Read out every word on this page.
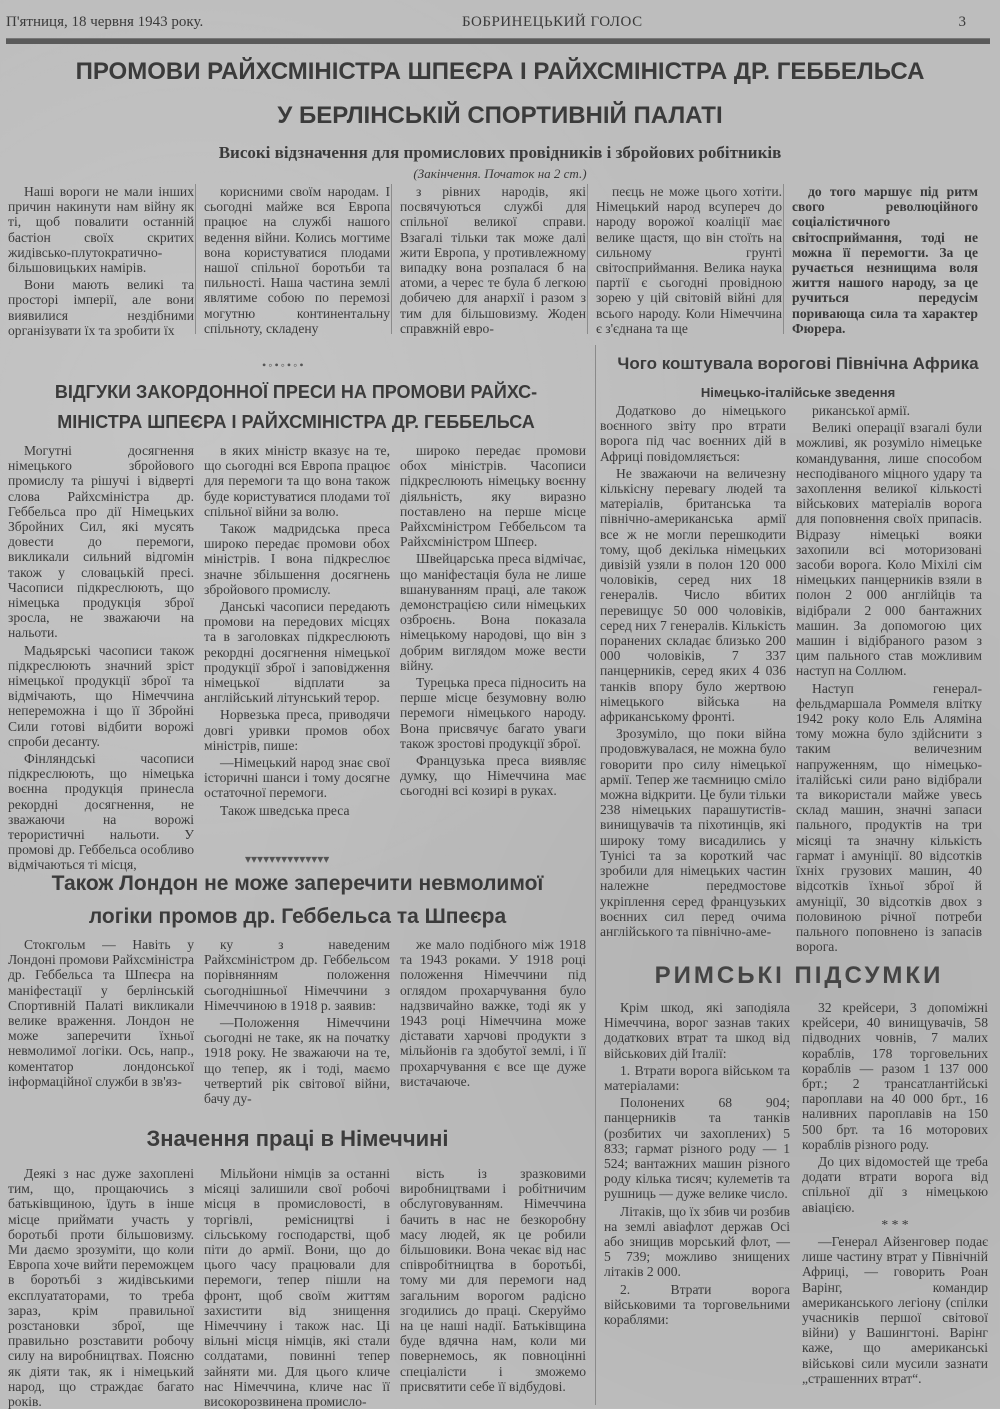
П'ятниця, 18 червня 1943 року.	БОБРИНЕЦЬКИЙ ГОЛОС	3
ПРОМОВИ РАЙХСМІНІСТРА ШПЕЄРА І РАЙХСМІНІСТРА ДР. ГЕББЕЛЬСА
У БЕРЛІНСЬКІЙ СПОРТИВНІЙ ПАЛАТІ
Високі відзначення для промислових провідників і збройових робітників
(Закінчення. Початок на 2 ст.)

Наші вороги не мали інших причин накинути нам війну як ті, щоб повалити останній бастіон своїх скритих жидівсько-плутократично-більшовицьких намірів.

Вони мають великі та просторі імперії, але вони виявилися нездібними організувати їх та зробити їх

корисними своїм народам. І сьогодні майже вся Европа працює на службі нашого ведення війни. Колись могтиме вона користуватися плодами нашої спільної боротьби та пильності. Наша частина землі являтиме собою по перемозі могутню континентальну спільноту, складену

з рівних народів, які посвячуються службі для спільної великої справи. Взагалі тільки так може далі жити Европа, у противлежному випадку вона розпалася б на атоми, а черес те була б легкою добичею для анархії і разом з тим для більшовизму. Жоден справжній евро-

пеєць не може цього хотіти. Німецький народ всупереч до народу ворожої коаліції має велике щастя, що він стоїть на сильному грунті світосприймання. Велика наука партії є сьогодні провідною зорею у цій світовій війні для всього народу. Коли Німеччина є з'єднана та ще

до того маршує під ритм свого революційного соціалістичного світосприймання, тоді не можна її перемогти. За це ручається незнищима воля життя нашого народу, за це ручиться передусім поривающа сила та характер Фюрера.

•◦•◦•◦•
ВІДГУКИ ЗАКОРДОННОЇ ПРЕСИ НА ПРОМОВИ РАЙХС-
МІНІСТРА ШПЕЄРА І РАЙХСМІНІСТРА ДР. ГЕББЕЛЬСА

Могутні досягнення німецького збройового промислу та рішучі і відверті слова Райхсміністра др. Геббельса про дії Німецьких Збройних Сил, які мусять довести до перемоги, викликали сильний відгомін також у словацькій пресі. Часописи підкреслюють, що німецька продукція зброї зросла, не зважаючи на нальоти.

Мадьярські часописи також підкреслюють значний зріст німецької продукції зброї та відмічають, що Німеччина непереможна і що її Збройні Сили готові відбити ворожі спроби десанту.

Фінляндські часописи підкреслюють, що німецька воєнна продукція принесла рекордні досягнення, не зважаючи на ворожі терористичні нальоти. У промові др. Геббельса особливо відмічаються ті місця,

в яких міністр вказує на те, що сьогодні вся Европа працює для перемоги та що вона також буде користуватися плодами тої спільної війни за волю.

Також мадридська преса широко передає промови обох міністрів. І вона підкреслює значне збільшення досягнень збройового промислу.

Данські часописи передають промови на передових місцях та в заголовках підкреслюють рекордні досягнення німецької продукції зброї і заповідження німецької відплати за англійський літунський терор.

Норвезька преса, приводячи довгі уривки промов обох міністрів, пише:

—Німецький народ знає свої історичні шанси і тому досягне остаточної перемоги.

Також шведська преса

широко передає промови обох міністрів. Часописи підкреслюють німецьку воєнну діяльність, яку виразно поставлено на перше місце Райхсміністром Геббельсом та Райхсміністром Шпеєр.

Швейцарська преса відмічає, що маніфестація була не лише вшануванням праці, але також демонстрацією сили німецьких озброєнь. Вона показала німецькому народові, що він з добрим виглядом може вести війну.

Турецька преса підносить на перше місце безумовну волю перемоги німецького народу. Вона присвячує багато уваги також зростові продукції зброї.

Французька преса виявляє думку, що Німеччина має сьогодні всі козирі в руках.

▾▾▾▾▾▾▾▾▾▾▾▾▾▾
Також Лондон не може заперечити невмолимої
логіки промов др. Геббельса та Шпеєра

Стокгольм — Навіть у Лондоні промови Райхсміністра др. Геббельса та Шпеєра на маніфестації у берлінській Спортивній Палаті викликали велике враження. Лондон не може заперечити їхньої невмолимої логіки. Ось, напр., коментатор лондонської інформаційної служби в зв'яз-

ку з наведеним Райхсміністром др. Геббельсом порівнянням положення сьогоднішньої Німеччини з Німеччиною в 1918 р. заявив:

—Положення Німеччини сьогодні не таке, як на початку 1918 року. Не зважаючи на те, що тепер, як і тоді, маємо четвертий рік світової війни, бачу ду-

же мало подібного між 1918 та 1943 роками. У 1918 році положення Німеччини під оглядом прохарчування було надзвичайно важке, тоді як у 1943 році Німеччина може діставати харчові продукти з мільйонів га здобутої землі, і її прохарчування є все ще дуже вистачаюче.

Значення праці в Німеччині

Деякі з нас дуже захоплені тим, що, прощаючись з батьківщиною, їдуть в інше місце приймати участь у боротьбі проти більшовизму. Ми даємо зрозуміти, що коли Европа хоче вийти переможцем в боротьбі з жидівськими експлуататорами, то треба зараз, крім правильної розстановки зброї, ще правильно розставити робочу силу на виробництвах. Поясню як діяти так, як і німецький народ, що страждає багато років.

Мільйони німців за останні місяці залишили свої робочі місця в промисловості, в торгівлі, ремісництві і сільському господарстві, щоб піти до армії. Вони, що до цього часу працювали для перемоги, тепер пішли на фронт, щоб своїм життям захистити від знищення Німеччину і також нас. Ці вільні місця німців, які стали солдатами, повинні тепер зайняти ми. Для цього кличе нас Німеччина, кличе нас її високорозвинена промисло-

вість із зразковими виробництвами і робітничим обслуговуванням. Німеччина бачить в нас не безкоробну масу людей, як це робили більшовики. Вона чекає від нас співробітництва в боротьбі, тому ми для перемоги над загальним ворогом радісно згодились до праці. Скеруймо на це наші надії. Батьківщина буде вдячна нам, коли ми повернемось, як повноцінні спеціалісти і зможемо присвятити себе її відбудові.

Чого коштувала ворогові Північна Африка
Німецько-італійське зведення

Додатково до німецького воєнного звіту про втрати ворога під час воєнних дій в Африці повідомляється:

Не зважаючи на величезну кількісну перевагу людей та матеріалів, британська та північно-американська армії все ж не могли перешкодити тому, щоб декілька німецьких дивізій узяли в полон 120 000 чоловіків, серед них 18 генералів. Число вбитих перевищує 50 000 чоловіків, серед них 7 генералів. Кількість поранених складає близько 200 000 чоловіків, 7 337 панцерників, серед яких 4 036 танків впору було жертвою німецького війська на африканському фронті.

Зрозуміло, що поки війна продовжувалася, не можна було говорити про силу німецької армії. Тепер же таємницю сміло можна відкрити. Це були тільки 238 німецьких парашутистів-винищувачів та піхотинців, які широку тому висадились у Тунісі та за короткий час зробили для німецьких частин належне передмостове укріплення серед французьких воєнних сил перед очима англійського та північно-аме-

риканської армії.

Великі операції взагалі були можливі, як розуміло німецьке командування, лише способом несподіваного міцного удару та захоплення великої кількості військових матеріалів ворога для поповнення своїх припасів. Відразу німецькі вояки захопили всі моторизовані засоби ворога. Коло Міхілі сім німецьких панцерників взяли в полон 2 000 англійців та відібрали 2 000 бантажних машин. За допомогою цих машин і відібраного разом з цим пального став можливим наступ на Соллюм.

Наступ генерал-фельдмаршала Роммеля влітку 1942 року коло Ель Аляміна тому можна було здійснити з таким величезним напруженням, що німецько-італійські сили рано відібрали та використали майже увесь склад машин, значні запаси пального, продуктів на три місяці та значну кількість гармат і амуніції. 80 відсотків їхніх грузових машин, 40 відсотків їхньої зброї й амуніції, 30 відсотків двох з половиною річної потреби пального поповнено із запасів ворога.

РИМСЬКІ ПІДСУМКИ

Крім шкод, які заподіяла Німеччина, ворог зазнав таких додаткових втрат та шкод від військових дій Італії:

1. Втрати ворога військом та матеріалами:

Полонених 68 904; панцерників та танків (розбитих чи захоплених) 5 833; гармат різного роду — 1 524; вантажних машин різного роду кілька тисяч; кулеметів та рушниць — дуже велике число.

Літаків, що їх збив чи розбив на землі авіафлот держав Осі або знищив морський флот, — 5 739; можливо знищених літаків 2 000.

2. Втрати ворога військовими та торговельними кораблями:

32 крейсери, 3 допоміжні крейсери, 40 винищувачів, 58 підводних човнів, 7 малих кораблів, 178 торговельних кораблів — разом 1 137 000 брт.; 2 трансатлантійські пароплави на 40 000 брт., 16 наливних пароплавів на 150 500 брт. та 16 моторових кораблів різного роду.

До цих відомостей ще треба додати втрати ворога від спільної дії з німецькою авіацією.

* * *

—Генерал Айзенговер подає лише частину втрат у Північній Африці, — говорить Роан Варінг, командир американського легіону (спілки учасників першої світової війни) у Вашингтоні. Варінг каже, що американські військові сили мусили зазнати „страшенних втрат“.
